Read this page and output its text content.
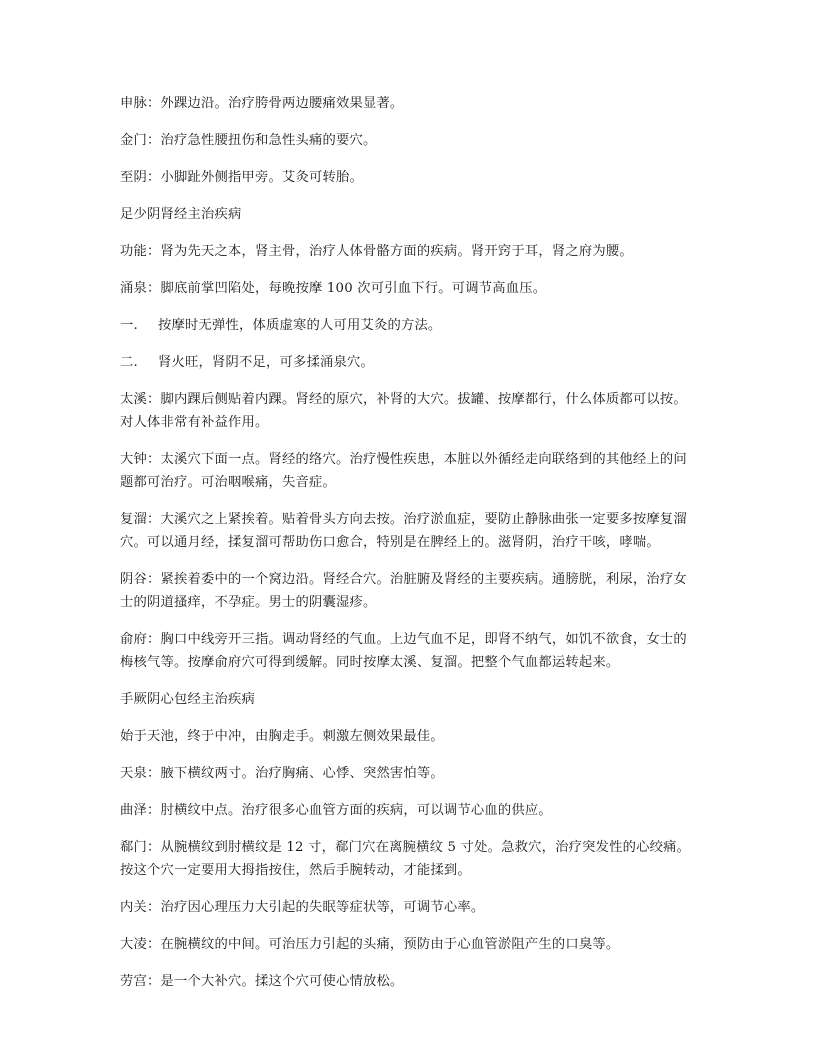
申脉：外踝边沿。治疗胯骨两边腰痛效果显著。

金门：治疗急性腰扭伤和急性头痛的要穴。

至阴：小脚趾外侧指甲旁。艾灸可转胎。

足少阴肾经主治疾病

功能：肾为先天之本，肾主骨，治疗人体骨骼方面的疾病。肾开窍于耳，肾之府为腰。

涌泉：脚底前掌凹陷处，每晚按摩 100 次可引血下行。可调节高血压。

一. 按摩时无弹性，体质虚寒的人可用艾灸的方法。

二. 肾火旺，肾阴不足，可多揉涌泉穴。

太溪：脚内踝后侧贴着内踝。肾经的原穴，补肾的大穴。拔罐、按摩都行，什么体质都可以按。对人体非常有补益作用。

大钟：太溪穴下面一点。肾经的络穴。治疗慢性疾患，本脏以外循经走向联络到的其他经上的问题都可治疗。可治咽喉痛，失音症。

复溜：大溪穴之上紧挨着。贴着骨头方向去按。治疗淤血症，要防止静脉曲张一定要多按摩复溜穴。可以通月经，揉复溜可帮助伤口愈合，特别是在脾经上的。滋肾阴，治疗干咳，哮喘。

阴谷：紧挨着委中的一个窝边沿。肾经合穴。治脏腑及肾经的主要疾病。通膀胱，利尿，治疗女士的阴道搔痒，不孕症。男士的阴囊湿疹。

俞府：胸口中线旁开三指。调动肾经的气血。上边气血不足，即肾不纳气，如饥不欲食，女士的梅核气等。按摩俞府穴可得到缓解。同时按摩太溪、复溜。把整个气血都运转起来。

手厥阴心包经主治疾病

始于天池，终于中冲，由胸走手。刺激左侧效果最佳。

天泉：腋下横纹两寸。治疗胸痛、心悸、突然害怕等。

曲泽：肘横纹中点。治疗很多心血管方面的疾病，可以调节心血的供应。

郗门：从腕横纹到肘横纹是 12 寸，郗门穴在离腕横纹 5 寸处。急救穴，治疗突发性的心绞痛。按这个穴一定要用大拇指按住，然后手腕转动，才能揉到。

内关：治疗因心理压力大引起的失眠等症状等，可调节心率。

大凌：在腕横纹的中间。可治压力引起的头痛，预防由于心血管淤阻产生的口臭等。

劳宫：是一个大补穴。揉这个穴可使心情放松。
